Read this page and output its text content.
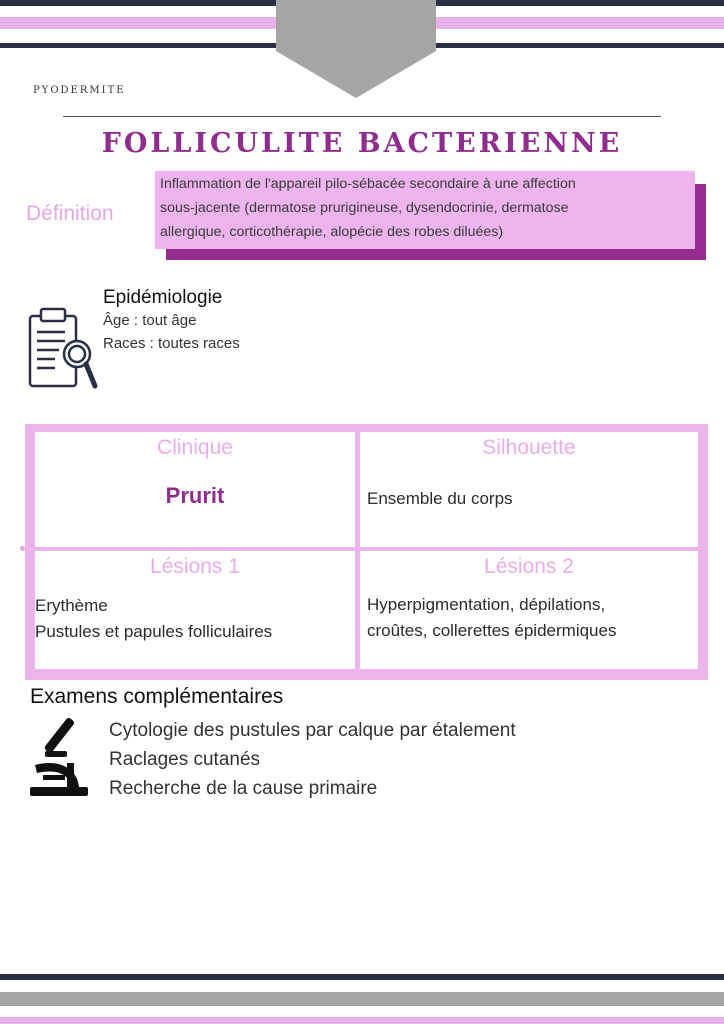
PYODERMITE
FOLLICULITE BACTERIENNE
Définition
Inflammation de l'appareil pilo-sébacée secondaire à une affection
sous-jacente (dermatose prurigineuse, dysendocrinie, dermatose
allergique, corticothérapie, alopécie des robes diluées)
Epidémiologie
Âge : tout âge
Races : toutes races
Clinique
Prurit
Silhouette
Ensemble du corps
Lésions 1
Erythème
Pustules et papules folliculaires
Lésions 2
Hyperpigmentation, dépilations,
croûtes, collerettes épidermiques
Examens complémentaires
Cytologie des pustules par calque par étalement
Raclages cutanés
Recherche de la cause primaire
